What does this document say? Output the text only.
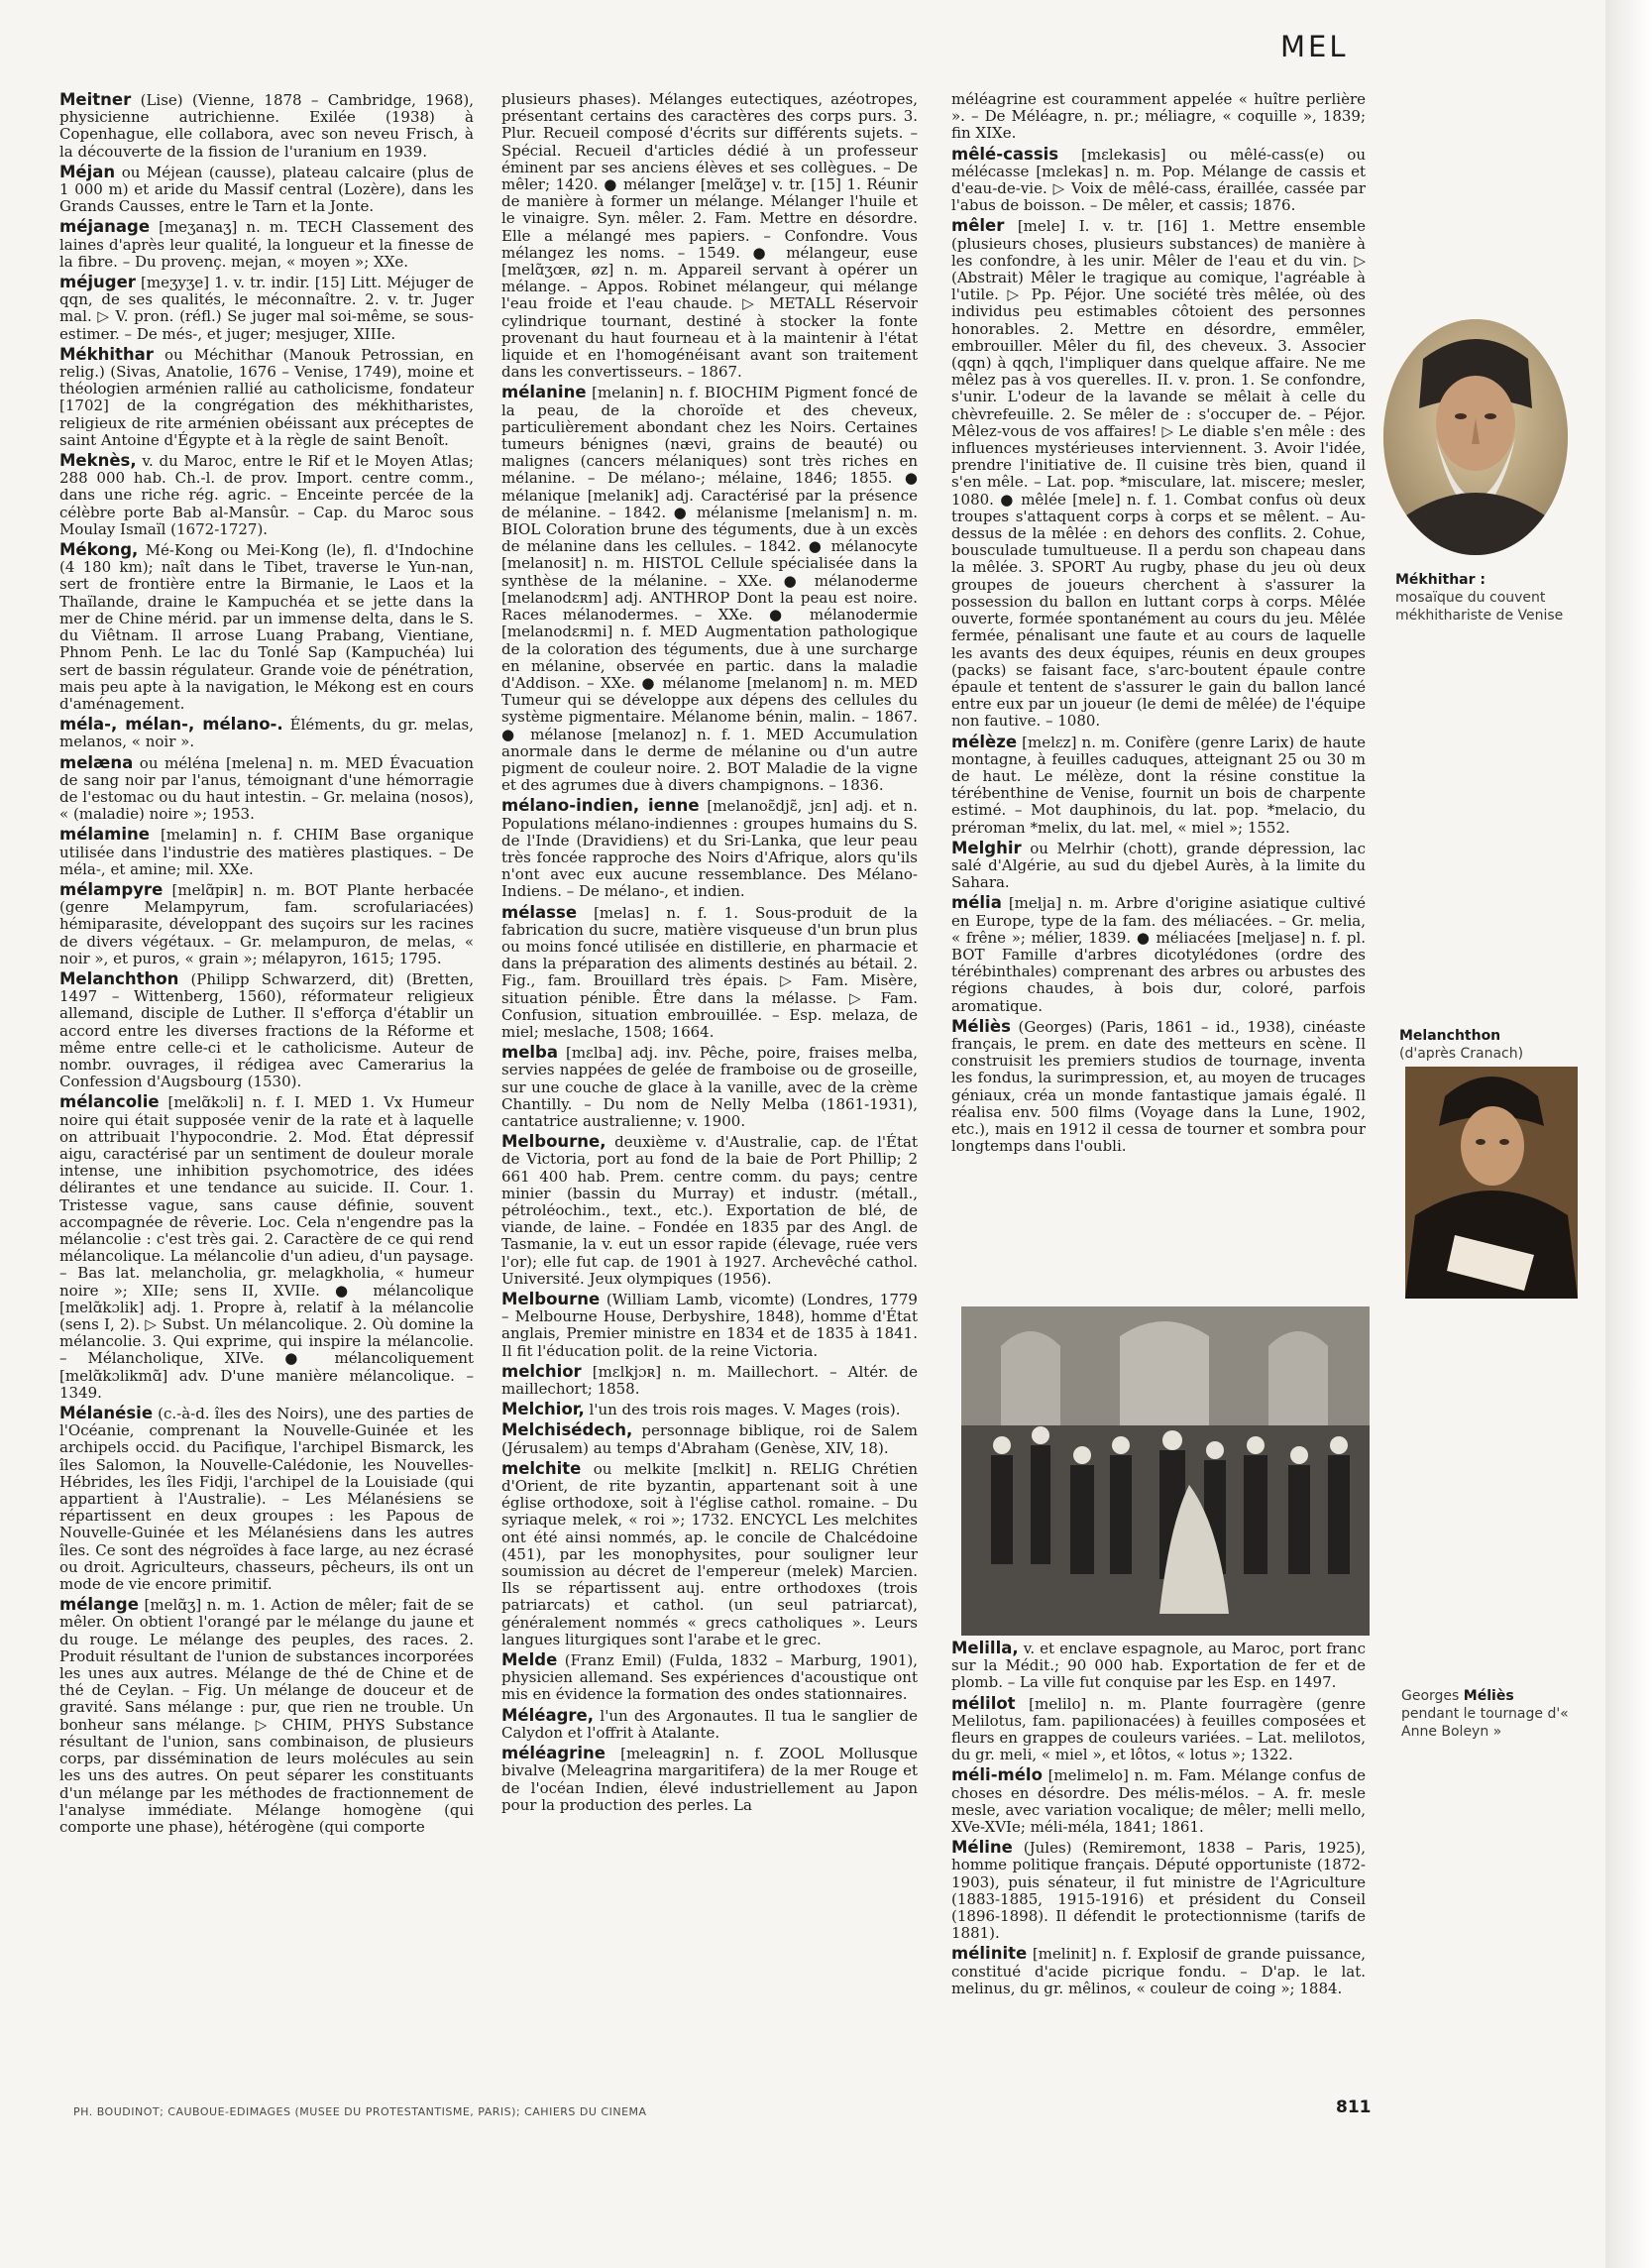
MEL

Meitner (Lise) (Vienne, 1878 – Cambridge, 1968), physicienne autrichienne. Exilée (1938) à Copenhague, elle collabora, avec son neveu Frisch, à la découverte de la fission de l'uranium en 1939.

Méjan ou Méjean (causse), plateau calcaire (plus de 1 000 m) et aride du Massif central (Lozère), dans les Grands Causses, entre le Tarn et la Jonte.

méjanage [meʒanaʒ] n. m. TECH Classement des laines d'après leur qualité, la longueur et la finesse de la fibre. – Du provenç. mejan, « moyen »; XXe.

méjuger [meʒyʒe] 1. v. tr. indir. [15] Litt. Méjuger de qqn, de ses qualités, le méconnaître. 2. v. tr. Juger mal. ▷ V. pron. (réfl.) Se juger mal soi-même, se sous-estimer. – De més-, et juger; mesjuger, XIIIe.

Mékhithar ou Méchithar (Manouk Petrossian, en relig.) (Sivas, Anatolie, 1676 – Venise, 1749), moine et théologien arménien rallié au catholicisme, fondateur [1702] de la congrégation des mékhitharistes, religieux de rite arménien obéissant aux préceptes de saint Antoine d'Égypte et à la règle de saint Benoît.

Meknès, v. du Maroc, entre le Rif et le Moyen Atlas; 288 000 hab. Ch.-l. de prov. Import. centre comm., dans une riche rég. agric. – Enceinte percée de la célèbre porte Bab al-Mansûr. – Cap. du Maroc sous Moulay Ismaïl (1672-1727).

Mékong, Mé-Kong ou Mei-Kong (le), fl. d'Indochine (4 180 km); naît dans le Tibet, traverse le Yun-nan, sert de frontière entre la Birmanie, le Laos et la Thaïlande, draine le Kampuchéa et se jette dans la mer de Chine mérid. par un immense delta, dans le S. du Viêtnam. Il arrose Luang Prabang, Vientiane, Phnom Penh. Le lac du Tonlé Sap (Kampuchéa) lui sert de bassin régulateur. Grande voie de pénétration, mais peu apte à la navigation, le Mékong est en cours d'aménagement.

méla-, mélan-, mélano-. Éléments, du gr. melas, melanos, « noir ».

melæna ou méléna [melena] n. m. MED Évacuation de sang noir par l'anus, témoignant d'une hémorragie de l'estomac ou du haut intestin. – Gr. melaina (nosos), « (maladie) noire »; 1953.

mélamine [melamin] n. f. CHIM Base organique utilisée dans l'industrie des matières plastiques. – De méla-, et amine; mil. XXe.

mélampyre [melɑ̃piʀ] n. m. BOT Plante herbacée (genre Melampyrum, fam. scrofulariacées) hémiparasite, développant des suçoirs sur les racines de divers végétaux. – Gr. melampuron, de melas, « noir », et puros, « grain »; mélapyron, 1615; 1795.

Melanchthon (Philipp Schwarzerd, dit) (Bretten, 1497 – Wittenberg, 1560), réformateur religieux allemand, disciple de Luther. Il s'efforça d'établir un accord entre les diverses fractions de la Réforme et même entre celle-ci et le catholicisme. Auteur de nombr. ouvrages, il rédigea avec Camerarius la Confession d'Augsbourg (1530).

mélancolie [melɑ̃kɔli] n. f. I. MED 1. Vx Humeur noire qui était supposée venir de la rate et à laquelle on attribuait l'hypocondrie. 2. Mod. État dépressif aigu, caractérisé par un sentiment de douleur morale intense, une inhibition psychomotrice, des idées délirantes et une tendance au suicide. II. Cour. 1. Tristesse vague, sans cause définie, souvent accompagnée de rêverie. Loc. Cela n'engendre pas la mélancolie : c'est très gai. 2. Caractère de ce qui rend mélancolique. La mélancolie d'un adieu, d'un paysage. – Bas lat. melancholia, gr. melagkholia, « humeur noire »; XIIe; sens II, XVIIe. ● mélancolique [melɑ̃kɔlik] adj. 1. Propre à, relatif à la mélancolie (sens I, 2). ▷ Subst. Un mélancolique. 2. Où domine la mélancolie. 3. Qui exprime, qui inspire la mélancolie. – Mélancholique, XIVe. ● mélancoliquement [melɑ̃kɔlikmɑ̃] adv. D'une manière mélancolique. – 1349.

Mélanésie (c.-à-d. îles des Noirs), une des parties de l'Océanie, comprenant la Nouvelle-Guinée et les archipels occid. du Pacifique, l'archipel Bismarck, les îles Salomon, la Nouvelle-Calédonie, les Nouvelles-Hébrides, les îles Fidji, l'archipel de la Louisiade (qui appartient à l'Australie). – Les Mélanésiens se répartissent en deux groupes : les Papous de Nouvelle-Guinée et les Mélanésiens dans les autres îles. Ce sont des négroïdes à face large, au nez écrasé ou droit. Agriculteurs, chasseurs, pêcheurs, ils ont un mode de vie encore primitif.

mélange [melɑ̃ʒ] n. m. 1. Action de mêler; fait de se mêler. On obtient l'orangé par le mélange du jaune et du rouge. Le mélange des peuples, des races. 2. Produit résultant de l'union de substances incorporées les unes aux autres. Mélange de thé de Chine et de thé de Ceylan. – Fig. Un mélange de douceur et de gravité. Sans mélange : pur, que rien ne trouble. Un bonheur sans mélange. ▷ CHIM, PHYS Substance résultant de l'union, sans combinaison, de plusieurs corps, par dissémination de leurs molécules au sein les uns des autres. On peut séparer les constituants d'un mélange par les méthodes de fractionnement de l'analyse immédiate. Mélange homogène (qui comporte une phase), hétérogène (qui comporte

plusieurs phases). Mélanges eutectiques, azéotropes, présentant certains des caractères des corps purs. 3. Plur. Recueil composé d'écrits sur différents sujets. – Spécial. Recueil d'articles dédié à un professeur éminent par ses anciens élèves et ses collègues. – De mêler; 1420. ● mélanger [melɑ̃ʒe] v. tr. [15] 1. Réunir de manière à former un mélange. Mélanger l'huile et le vinaigre. Syn. mêler. 2. Fam. Mettre en désordre. Elle a mélangé mes papiers. – Confondre. Vous mélangez les noms. – 1549. ● mélangeur, euse [melɑ̃ʒœʀ, øz] n. m. Appareil servant à opérer un mélange. – Appos. Robinet mélangeur, qui mélange l'eau froide et l'eau chaude. ▷ METALL Réservoir cylindrique tournant, destiné à stocker la fonte provenant du haut fourneau et à la maintenir à l'état liquide et en l'homogénéisant avant son traitement dans les convertisseurs. – 1867.

mélanine [melanin] n. f. BIOCHIM Pigment foncé de la peau, de la choroïde et des cheveux, particulièrement abondant chez les Noirs. Certaines tumeurs bénignes (nævi, grains de beauté) ou malignes (cancers mélaniques) sont très riches en mélanine. – De mélano-; mélaine, 1846; 1855. ● mélanique [melanik] adj. Caractérisé par la présence de mélanine. – 1842. ● mélanisme [melanism] n. m. BIOL Coloration brune des téguments, due à un excès de mélanine dans les cellules. – 1842. ● mélanocyte [melanosit] n. m. HISTOL Cellule spécialisée dans la synthèse de la mélanine. – XXe. ● mélanoderme [melanodɛʀm] adj. ANTHROP Dont la peau est noire. Races mélanodermes. – XXe. ● mélanodermie [melanodɛʀmi] n. f. MED Augmentation pathologique de la coloration des téguments, due à une surcharge en mélanine, observée en partic. dans la maladie d'Addison. – XXe. ● mélanome [melanom] n. m. MED Tumeur qui se développe aux dépens des cellules du système pigmentaire. Mélanome bénin, malin. – 1867. ● mélanose [melanoz] n. f. 1. MED Accumulation anormale dans le derme de mélanine ou d'un autre pigment de couleur noire. 2. BOT Maladie de la vigne et des agrumes due à divers champignons. – 1836.

mélano-indien, ienne [melanoɛ̃djɛ̃, jɛn] adj. et n. Populations mélano-indiennes : groupes humains du S. de l'Inde (Dravidiens) et du Sri-Lanka, que leur peau très foncée rapproche des Noirs d'Afrique, alors qu'ils n'ont avec eux aucune ressemblance. Des Mélano-Indiens. – De mélano-, et indien.

mélasse [melas] n. f. 1. Sous-produit de la fabrication du sucre, matière visqueuse d'un brun plus ou moins foncé utilisée en distillerie, en pharmacie et dans la préparation des aliments destinés au bétail. 2. Fig., fam. Brouillard très épais. ▷ Fam. Misère, situation pénible. Être dans la mélasse. ▷ Fam. Confusion, situation embrouillée. – Esp. melaza, de miel; meslache, 1508; 1664.

melba [mɛlba] adj. inv. Pêche, poire, fraises melba, servies nappées de gelée de framboise ou de groseille, sur une couche de glace à la vanille, avec de la crème Chantilly. – Du nom de Nelly Melba (1861-1931), cantatrice australienne; v. 1900.

Melbourne, deuxième v. d'Australie, cap. de l'État de Victoria, port au fond de la baie de Port Phillip; 2 661 400 hab. Prem. centre comm. du pays; centre minier (bassin du Murray) et industr. (métall., pétroléochim., text., etc.). Exportation de blé, de viande, de laine. – Fondée en 1835 par des Angl. de Tasmanie, la v. eut un essor rapide (élevage, ruée vers l'or); elle fut cap. de 1901 à 1927. Archevêché cathol. Université. Jeux olympiques (1956).

Melbourne (William Lamb, vicomte) (Londres, 1779 – Melbourne House, Derbyshire, 1848), homme d'État anglais, Premier ministre en 1834 et de 1835 à 1841. Il fit l'éducation polit. de la reine Victoria.

melchior [mɛlkjɔʀ] n. m. Maillechort. – Altér. de maillechort; 1858.

Melchior, l'un des trois rois mages. V. Mages (rois).

Melchisédech, personnage biblique, roi de Salem (Jérusalem) au temps d'Abraham (Genèse, XIV, 18).

melchite ou melkite [mɛlkit] n. RELIG Chrétien d'Orient, de rite byzantin, appartenant soit à une église orthodoxe, soit à l'église cathol. romaine. – Du syriaque melek, « roi »; 1732. ENCYCL Les melchites ont été ainsi nommés, ap. le concile de Chalcédoine (451), par les monophysites, pour souligner leur soumission au décret de l'empereur (melek) Marcien. Ils se répartissent auj. entre orthodoxes (trois patriarcats) et cathol. (un seul patriarcat), généralement nommés « grecs catholiques ». Leurs langues liturgiques sont l'arabe et le grec.

Melde (Franz Emil) (Fulda, 1832 – Marburg, 1901), physicien allemand. Ses expériences d'acoustique ont mis en évidence la formation des ondes stationnaires.

Méléagre, l'un des Argonautes. Il tua le sanglier de Calydon et l'offrit à Atalante.

méléagrine [meleagʀin] n. f. ZOOL Mollusque bivalve (Meleagrina margaritifera) de la mer Rouge et de l'océan Indien, élevé industriellement au Japon pour la production des perles. La

méléagrine est couramment appelée « huître perlière ». – De Méléagre, n. pr.; méliagre, « coquille », 1839; fin XIXe.

mêlé-cassis [mɛlekasis] ou mêlé-cass(e) ou mélécasse [mɛlekas] n. m. Pop. Mélange de cassis et d'eau-de-vie. ▷ Voix de mêlé-cass, éraillée, cassée par l'abus de boisson. – De mêler, et cassis; 1876.

mêler [mele] I. v. tr. [16] 1. Mettre ensemble (plusieurs choses, plusieurs substances) de manière à les confondre, à les unir. Mêler de l'eau et du vin. ▷ (Abstrait) Mêler le tragique au comique, l'agréable à l'utile. ▷ Pp. Péjor. Une société très mêlée, où des individus peu estimables côtoient des personnes honorables. 2. Mettre en désordre, emmêler, embrouiller. Mêler du fil, des cheveux. 3. Associer (qqn) à qqch, l'impliquer dans quelque affaire. Ne me mêlez pas à vos querelles. II. v. pron. 1. Se confondre, s'unir. L'odeur de la lavande se mêlait à celle du chèvrefeuille. 2. Se mêler de : s'occuper de. – Péjor. Mêlez-vous de vos affaires! ▷ Le diable s'en mêle : des influences mystérieuses interviennent. 3. Avoir l'idée, prendre l'initiative de. Il cuisine très bien, quand il s'en mêle. – Lat. pop. *misculare, lat. miscere; mesler, 1080. ● mêlée [mele] n. f. 1. Combat confus où deux troupes s'attaquent corps à corps et se mêlent. – Au-dessus de la mêlée : en dehors des conflits. 2. Cohue, bousculade tumultueuse. Il a perdu son chapeau dans la mêlée. 3. SPORT Au rugby, phase du jeu où deux groupes de joueurs cherchent à s'assurer la possession du ballon en luttant corps à corps. Mêlée ouverte, formée spontanément au cours du jeu. Mêlée fermée, pénalisant une faute et au cours de laquelle les avants des deux équipes, réunis en deux groupes (packs) se faisant face, s'arc-boutent épaule contre épaule et tentent de s'assurer le gain du ballon lancé entre eux par un joueur (le demi de mêlée) de l'équipe non fautive. – 1080.

mélèze [melɛz] n. m. Conifère (genre Larix) de haute montagne, à feuilles caduques, atteignant 25 ou 30 m de haut. Le mélèze, dont la résine constitue la térébenthine de Venise, fournit un bois de charpente estimé. – Mot dauphinois, du lat. pop. *melacio, du préroman *melix, du lat. mel, « miel »; 1552.

Melghir ou Melrhir (chott), grande dépression, lac salé d'Algérie, au sud du djebel Aurès, à la limite du Sahara.

mélia [melja] n. m. Arbre d'origine asiatique cultivé en Europe, type de la fam. des méliacées. – Gr. melia, « frêne »; mélier, 1839. ● méliacées [meljase] n. f. pl. BOT Famille d'arbres dicotylédones (ordre des térébinthales) comprenant des arbres ou arbustes des régions chaudes, à bois dur, coloré, parfois aromatique.

Méliès (Georges) (Paris, 1861 – id., 1938), cinéaste français, le prem. en date des metteurs en scène. Il construisit les premiers studios de tournage, inventa les fondus, la surimpression, et, au moyen de trucages géniaux, créa un monde fantastique jamais égalé. Il réalisa env. 500 films (Voyage dans la Lune, 1902, etc.), mais en 1912 il cessa de tourner et sombra pour longtemps dans l'oubli.

Melilla, v. et enclave espagnole, au Maroc, port franc sur la Médit.; 90 000 hab. Exportation de fer et de plomb. – La ville fut conquise par les Esp. en 1497.

mélilot [melilo] n. m. Plante fourragère (genre Melilotus, fam. papilionacées) à feuilles composées et fleurs en grappes de couleurs variées. – Lat. melilotos, du gr. meli, « miel », et lôtos, « lotus »; 1322.

méli-mélo [melimelo] n. m. Fam. Mélange confus de choses en désordre. Des mélis-mélos. – A. fr. mesle mesle, avec variation vocalique; de mêler; melli mello, XVe-XVIe; méli-méla, 1841; 1861.

Méline (Jules) (Remiremont, 1838 – Paris, 1925), homme politique français. Député opportuniste (1872-1903), puis sénateur, il fut ministre de l'Agriculture (1883-1885, 1915-1916) et président du Conseil (1896-1898). Il défendit le protectionnisme (tarifs de 1881).

mélinite [melinit] n. f. Explosif de grande puissance, constitué d'acide picrique fondu. – D'ap. le lat. melinus, du gr. mêlinos, « couleur de coing »; 1884.

Mékhithar :
mosaïque du couvent mékhithariste de Venise
Melanchthon
(d'après Cranach)
Georges Méliès
pendant le tournage d'« Anne Boleyn »
PH. BOUDINOT; CAUBOUE-EDIMAGES (MUSEE DU PROTESTANTISME, PARIS); CAHIERS DU CINEMA	811
